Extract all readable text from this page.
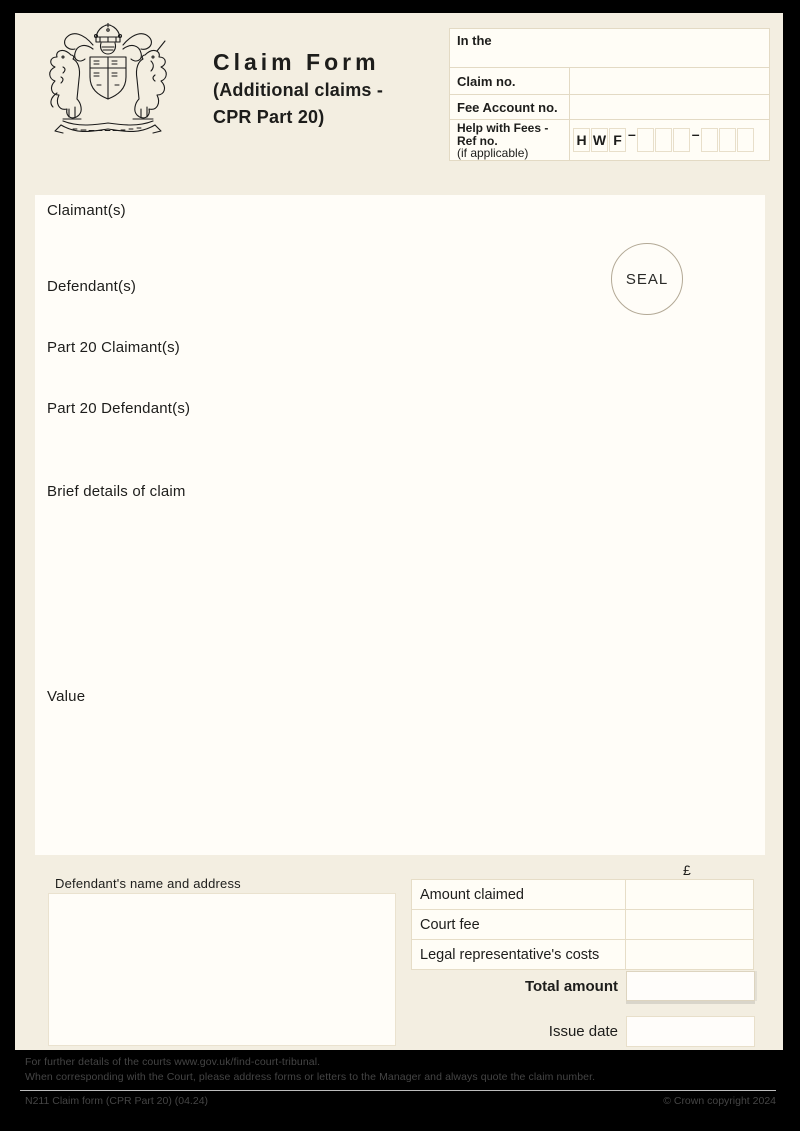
Claim Form
(Additional claims -
CPR Part 20)
In the
Claim no.
Fee Account no.
Help with Fees -
Ref no.
(if applicable)
H W F –	–
Claimant(s)
Defendant(s)
Part 20 Claimant(s)
Part 20 Defendant(s)
Brief details of claim
Value
SEAL
Defendant's name and address
£
Amount claimed
Court fee
Legal representative's costs
Total amount
Issue date
For further details of the courts www.gov.uk/find-court-tribunal.
When corresponding with the Court, please address forms or letters to the Manager and always quote the claim number.
N211 Claim form (CPR Part 20) (04.24)	© Crown copyright 2024
